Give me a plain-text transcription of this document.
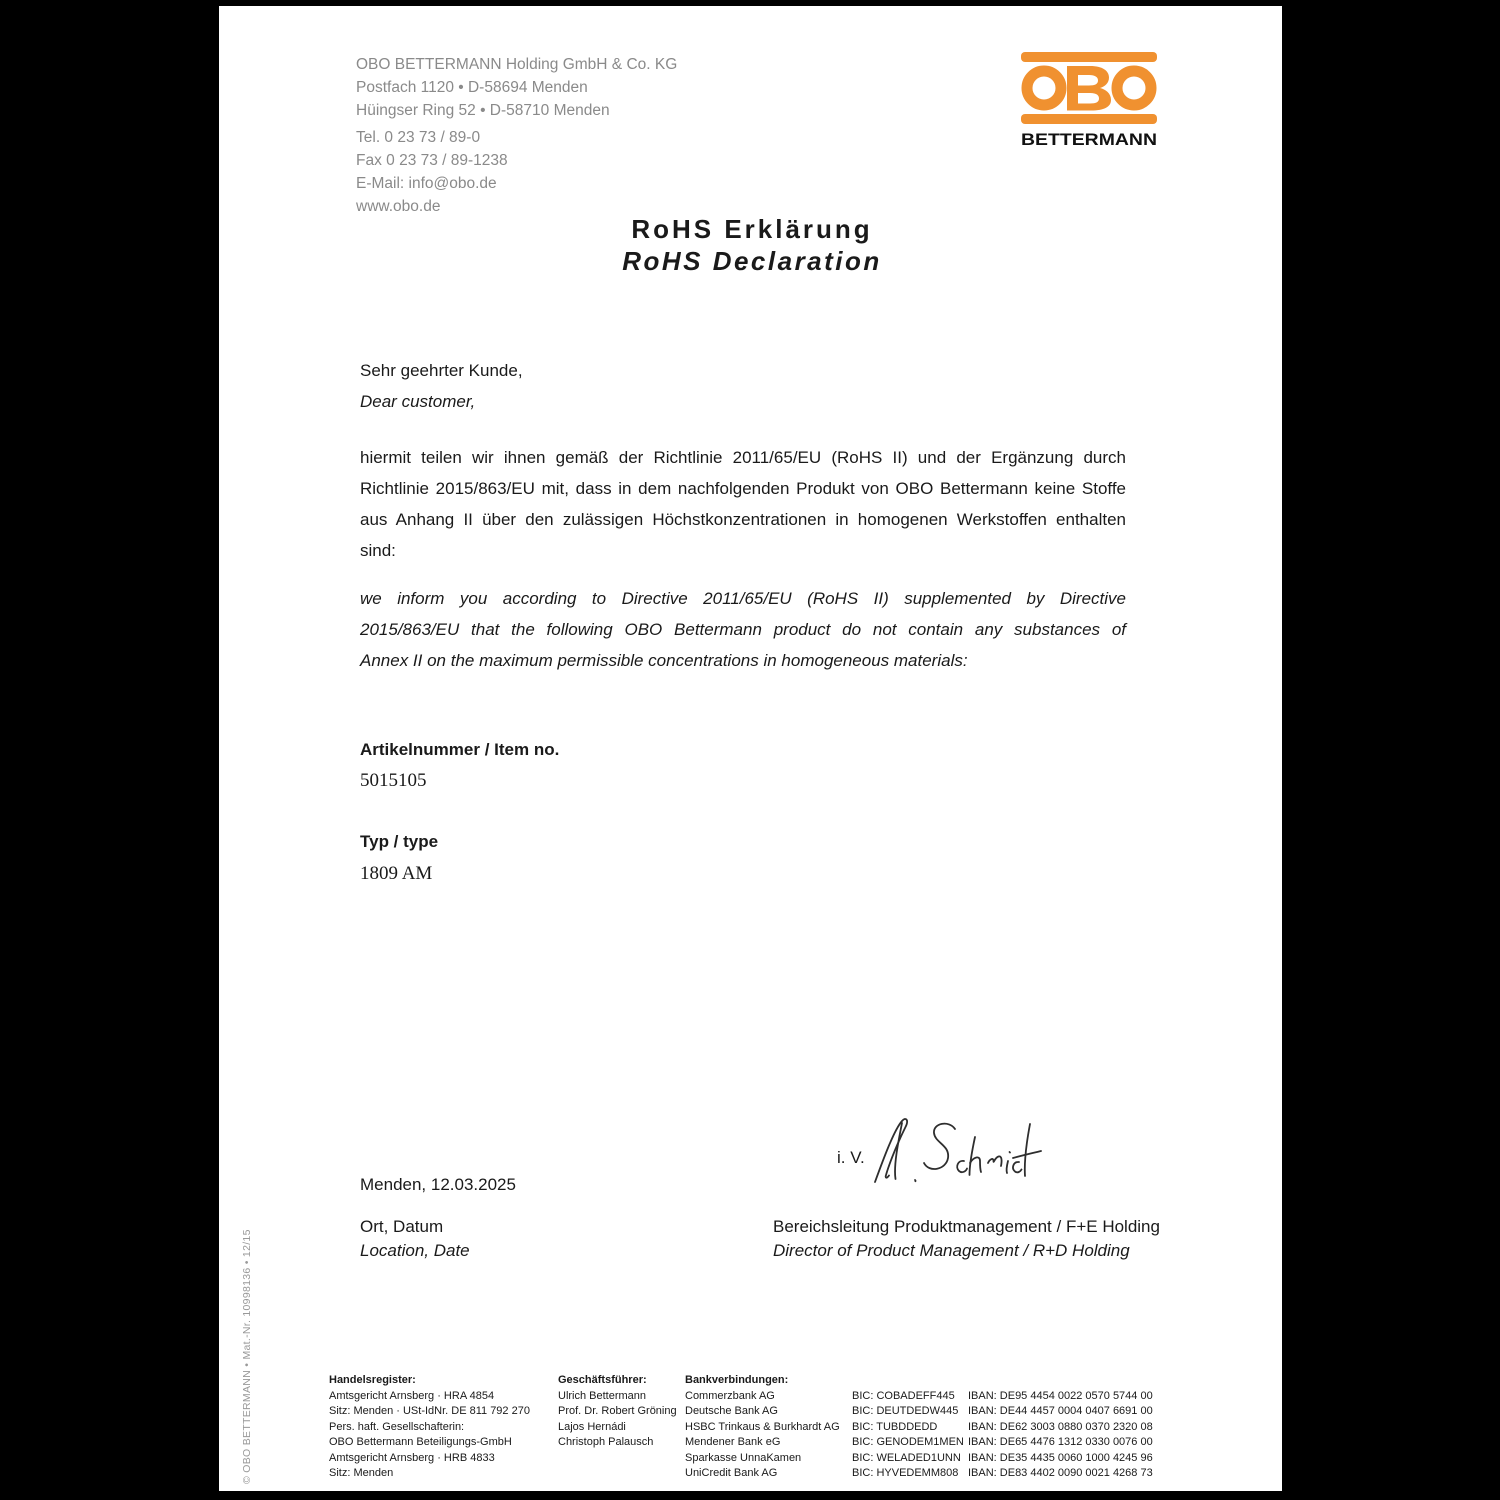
OBO BETTERMANN Holding GmbH & Co. KG
Postfach 1120 • D-58694 Menden
Hüingser Ring 52 • D-58710 Menden
Tel. 0 23 73 / 89-0
Fax 0 23 73 / 89-1238
E-Mail: info@obo.de
www.obo.de
BETTERMANN
RoHS Erklärung
RoHS Declaration
Sehr geehrter Kunde,
Dear customer,
hiermit teilen wir ihnen gemäß der Richtlinie 2011/65/EU (RoHS II) und der Ergänzung durch
Richtlinie 2015/863/EU mit, dass in dem nachfolgenden Produkt von OBO Bettermann keine Stoffe
aus Anhang II über den zulässigen Höchstkonzentrationen in homogenen Werkstoffen enthalten
sind:
we inform you according to Directive 2011/65/EU (RoHS II) supplemented by Directive
2015/863/EU that the following OBO Bettermann product do not contain any substances of
Annex II on the maximum permissible concentrations in homogeneous materials:
Artikelnummer / Item no.
5015105
Typ / type
1809 AM
i. V.
Menden, 12.03.2025
Ort, Datum
Location, Date
Bereichsleitung Produktmanagement / F+E Holding
Director of Product Management / R+D Holding
© OBO BETTERMANN • Mat.-Nr. 10998136 • 12/15	Handelsregister:
Amtsgericht Arnsberg · HRA 4854
Sitz: Menden · USt-IdNr. DE 811 792 270
Pers. haft. Gesellschafterin:
OBO Bettermann Beteiligungs-GmbH
Amtsgericht Arnsberg · HRB 4833
Sitz: Menden
Geschäftsführer:
Ulrich Bettermann
Prof. Dr. Robert Gröning
Lajos Hernádi
Christoph Palausch
Bankverbindungen:
Commerzbank AG
Deutsche Bank AG
HSBC Trinkaus & Burkhardt AG
Mendener Bank eG
Sparkasse UnnaKamen
UniCredit Bank AG
BIC: COBADEFF445
BIC: DEUTDEDW445
BIC: TUBDDEDD
BIC: GENODEM1MEN
BIC: WELADED1UNN
BIC: HYVEDEMM808
IBAN: DE95 4454 0022 0570 5744 00
IBAN: DE44 4457 0004 0407 6691 00
IBAN: DE62 3003 0880 0370 2320 08
IBAN: DE65 4476 1312 0330 0076 00
IBAN: DE35 4435 0060 1000 4245 96
IBAN: DE83 4402 0090 0021 4268 73
